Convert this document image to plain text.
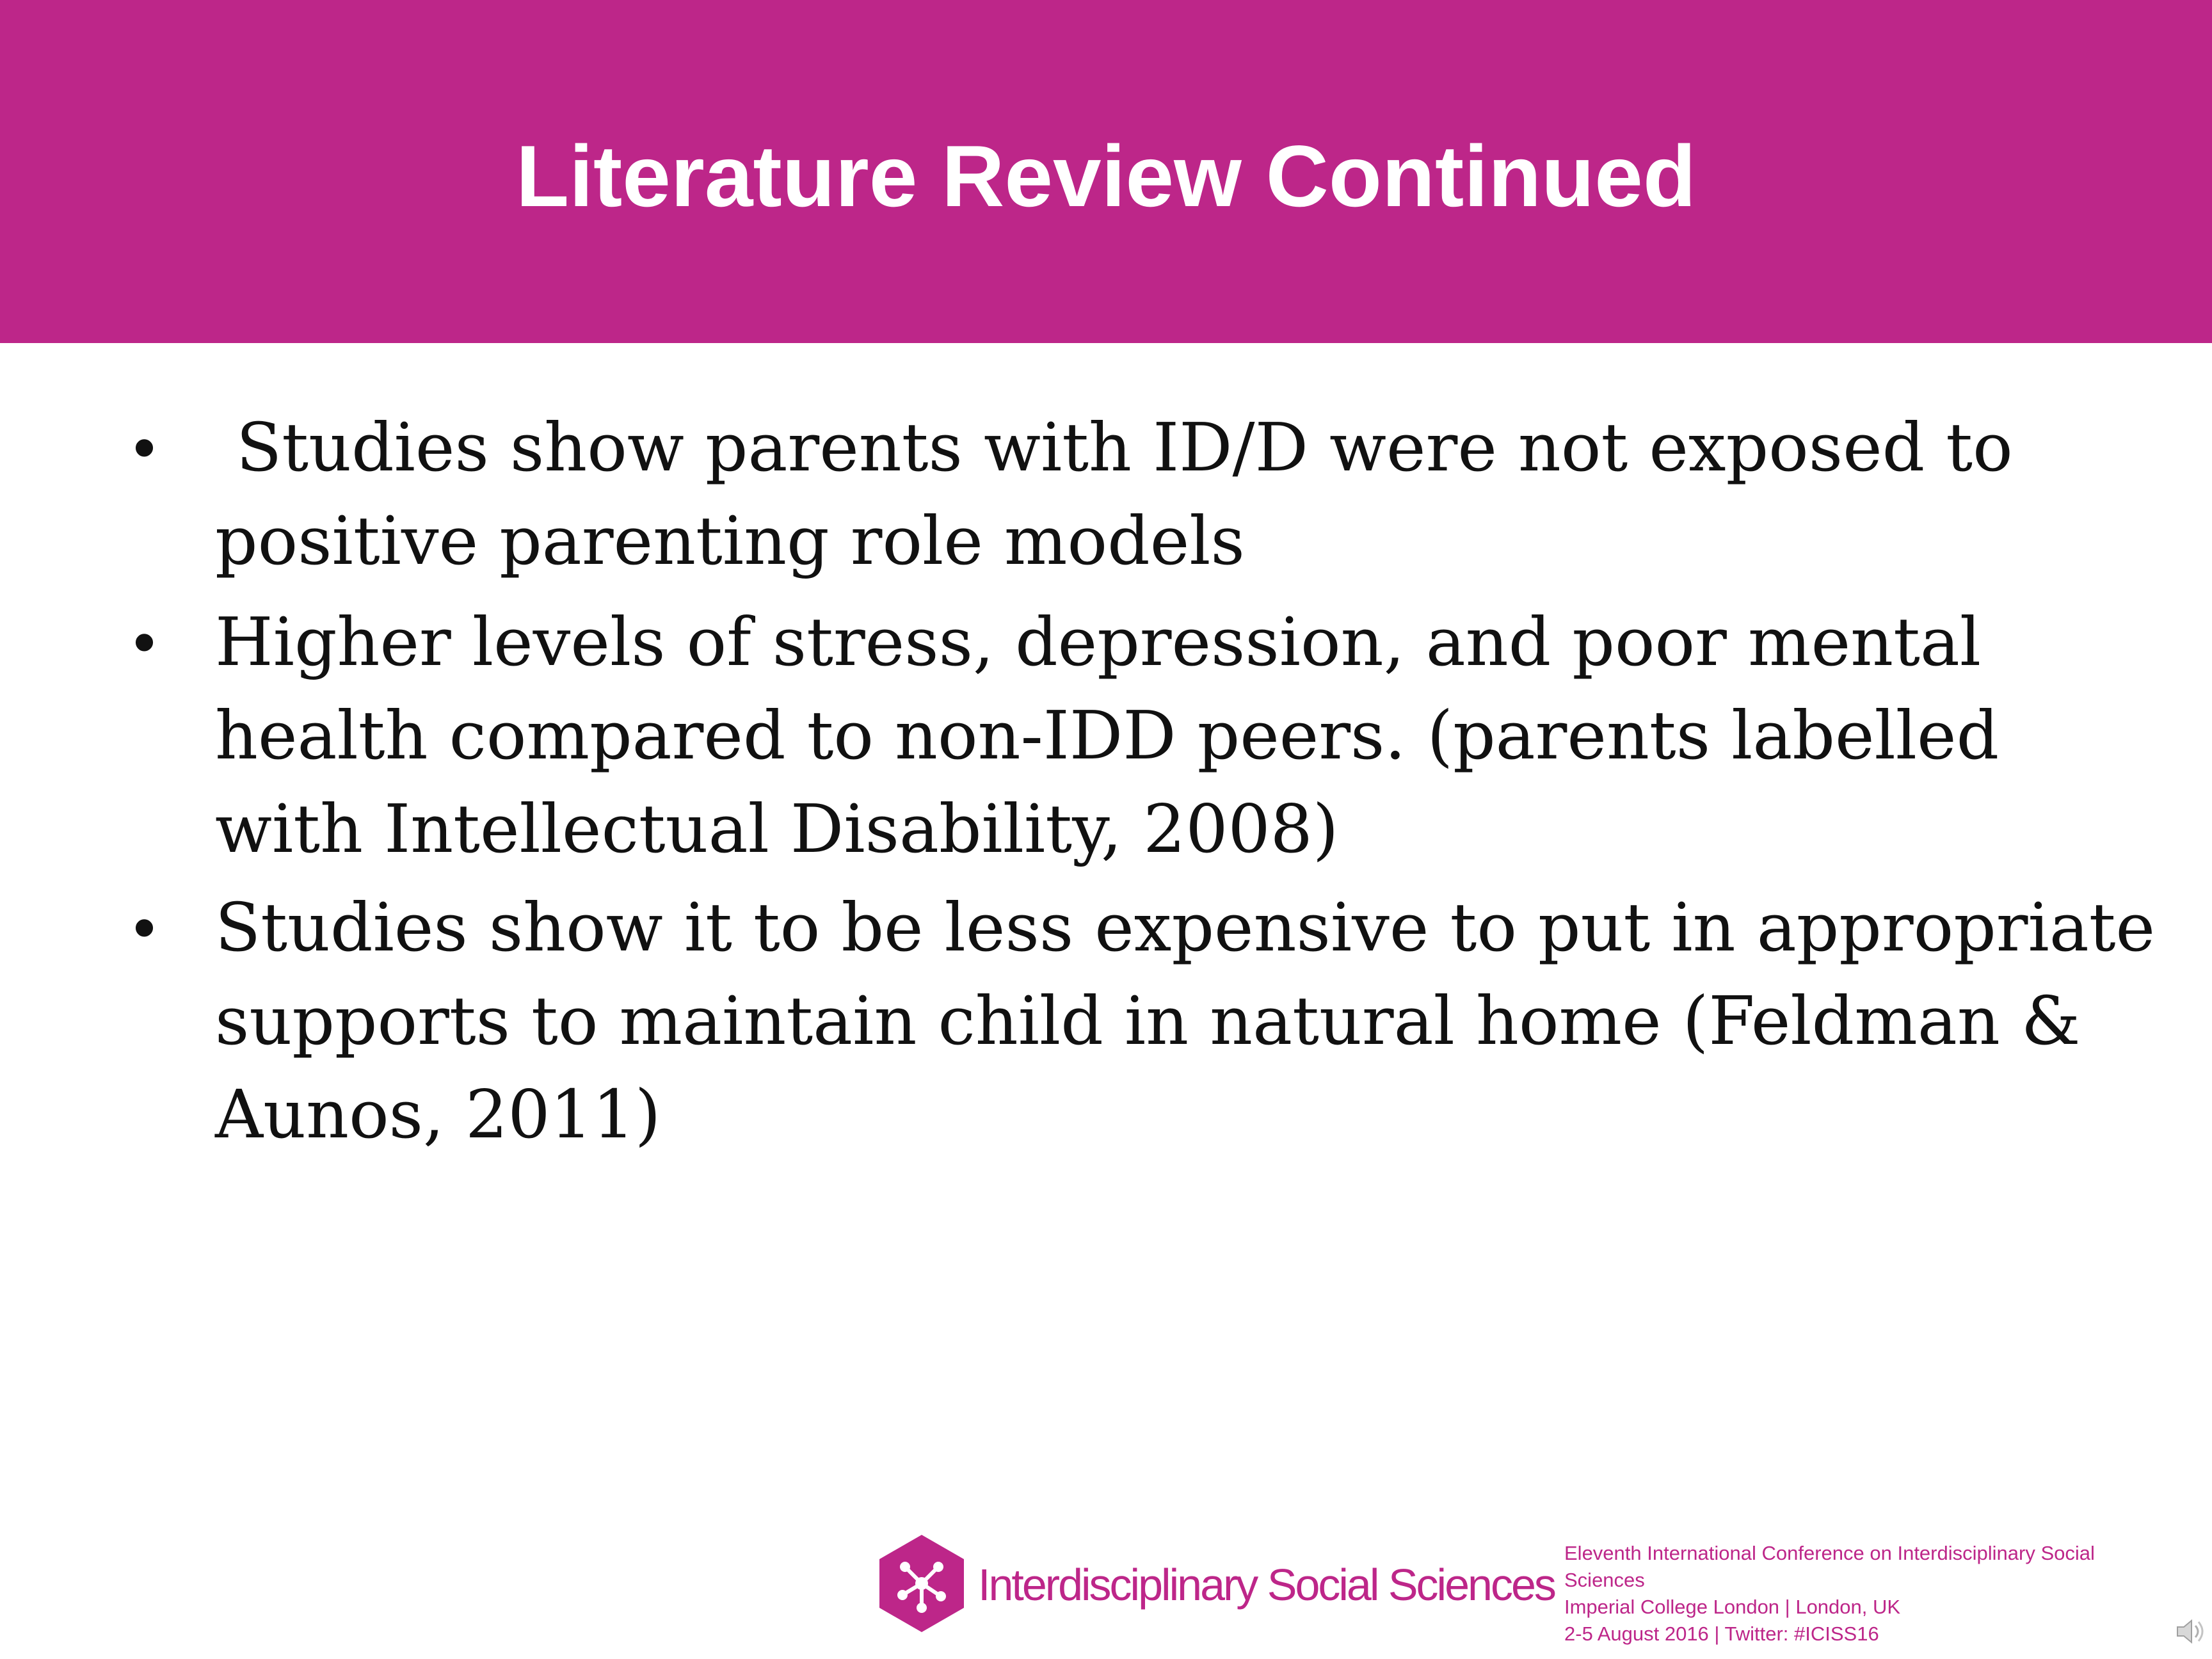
Literature Review Continued
• Studies show parents with ID/D were not exposed to
positive parenting role models
• Higher levels of stress, depression, and poor mental
health compared to non-IDD peers. (parents labelled
with Intellectual Disability, 2008)
• Studies show it to be less expensive to put in appropriate
supports to maintain child in natural home (Feldman &
Aunos, 2011)
Interdisciplinary Social Sciences
Eleventh International Conference on Interdisciplinary Social
Sciences
Imperial College London | London, UK
2-5 August 2016 | Twitter: #ICISS16
